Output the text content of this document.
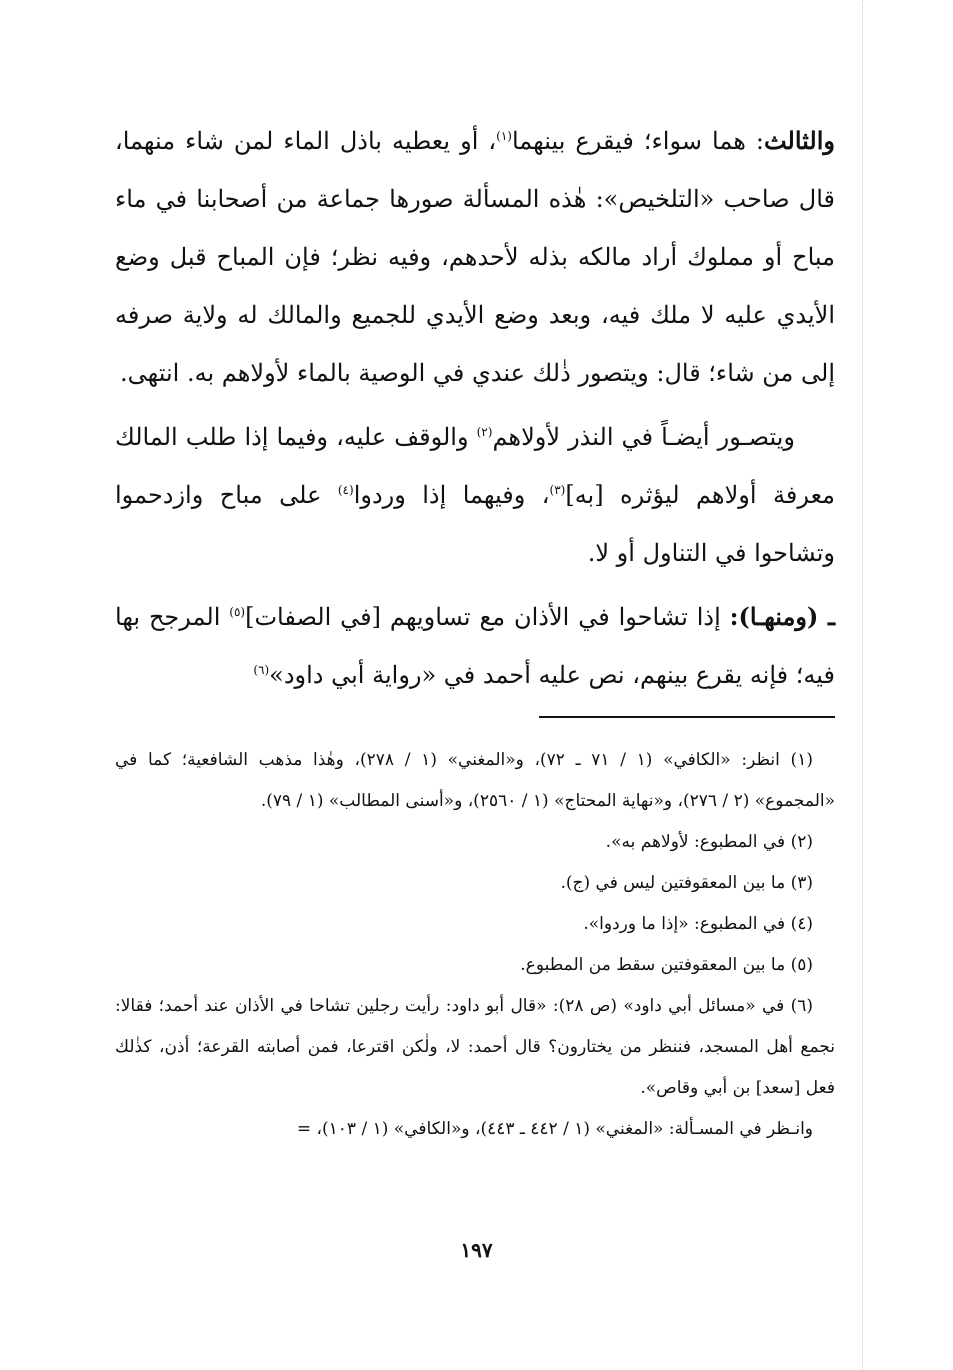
والثالث: هما سواء؛ فيقرع بينهما$^{(١)}$، أو يعطيه باذل الماء لمن شاء منهما، قال صاحب «التلخيص»: هٰذه المسألة صورها جماعة من أصحابنا في ماء مباح أو مملوك أراد مالكه بذله لأحدهم، وفيه نظر؛ فإن المباح قبل وضع الأيدي عليه لا ملك فيه، وبعد وضع الأيدي للجميع والمالك له ولاية صرفه إلى من شاء؛ قال: ويتصور ذٰلك عندي في الوصية بالماء لأولاهم به. انتهى.

ويتصـور أيضـاً في النذر لأولاهم$^{(٢)}$ والوقف عليه، وفيما إذا طلب المالك معرفة أولاهم ليؤثره [به]$^{(٣)}$، وفيهما إذا وردوا$^{(٤)}$ على مباح وازدحموا وتشاحوا في التناول أو لا.

ـ (ومنهـا): إذا تشاحوا في الأذان مع تساويهم [في الصفات]$^{(٥)}$ المرجح بها فيه؛ فإنه يقرع بينهم، نص عليه أحمد في «رواية أبي داود»$^{(٦)}$

(١) انظر: «الكافي» (١ / ٧١ ـ ٧٢)، و«المغني» (١ / ٢٧٨)، وهٰذا مذهب الشافعية؛ كما في «المجموع» (٢ / ٢٧٦)، و«نهاية المحتاج» (١ / ٢٥٦٠)، و«أسنى المطالب» (١ / ٧٩).

(٢) في المطبوع: لأولاهم به».

(٣) ما بين المعقوفتين ليس في (ج).

(٤) في المطبوع: «إذا ما وردوا».

(٥) ما بين المعقوفتين سقط من المطبوع.

(٦) في «مسائل أبي داود» (ص ٢٨): «قال أبو داود: رأيت رجلين تشاحا في الأذان عند أحمد؛ فقالا: نجمع أهل المسجد، فننظر من يختارون؟ قال أحمد: لا، ولٰكن اقترعا، فمن أصابته القرعة؛ أذن، كذٰلك فعل [سعد] بن أبي وقاص».

وانـظر في المسـألة: «المغني» (١ / ٤٤٢ ـ ٤٤٣)، و«الكافي» (١ / ١٠٣)، =

١٩٧
